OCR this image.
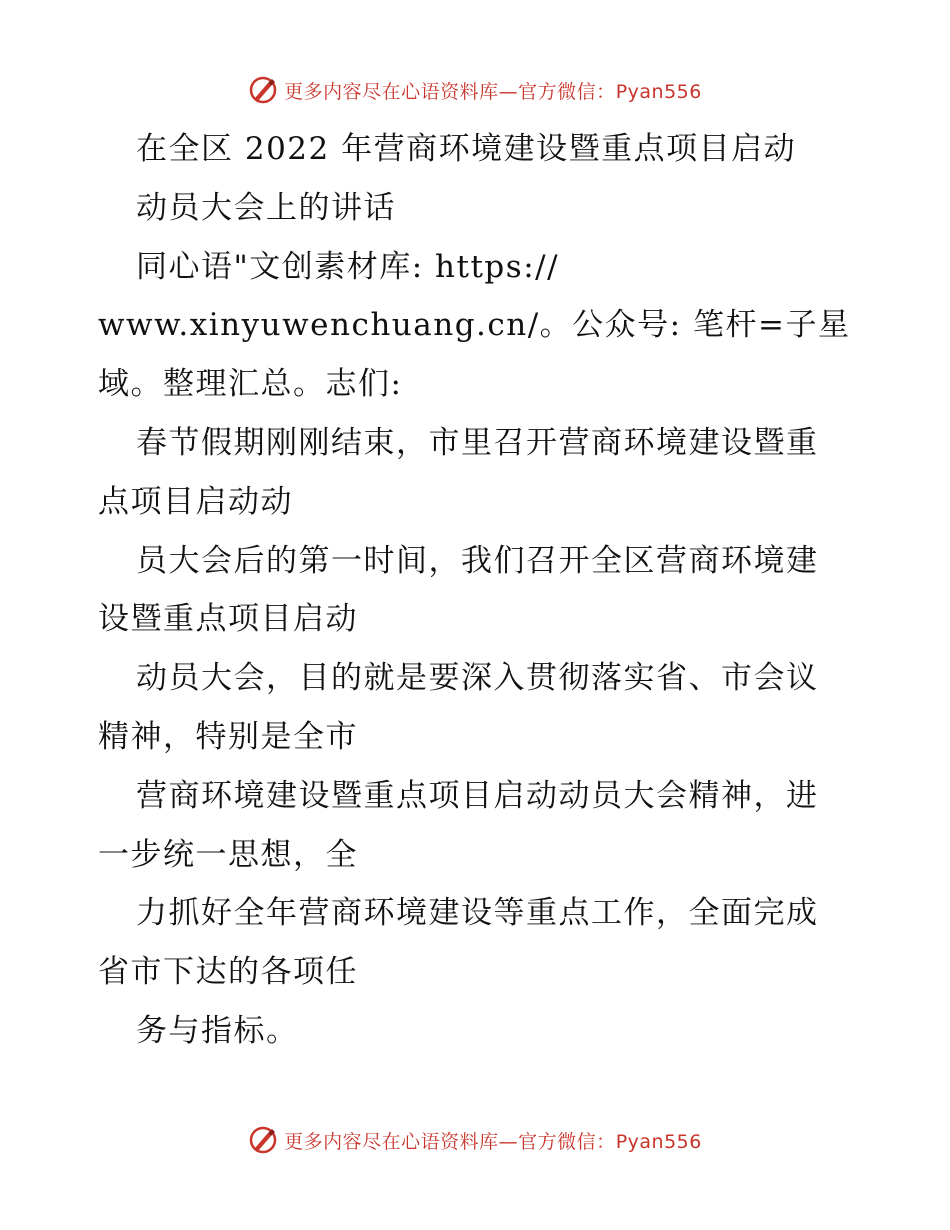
更多内容尽在心语资料库—官方微信：Pyan556
在全区 2022 年营商环境建设暨重点项目启动
动员大会上的讲话
同心语"文创素材库: https://
www.xinyuwenchuang.cn/。公众号: 笔杆=子星
域。整理汇总。志们:
春节假期刚刚结束，市里召开营商环境建设暨重
点项目启动动
员大会后的第一时间，我们召开全区营商环境建
设暨重点项目启动
动员大会，目的就是要深入贯彻落实省、市会议
精神，特别是全市
营商环境建设暨重点项目启动动员大会精神，进
一步统一思想，全
力抓好全年营商环境建设等重点工作，全面完成
省市下达的各项任
务与指标。
更多内容尽在心语资料库—官方微信：Pyan556
